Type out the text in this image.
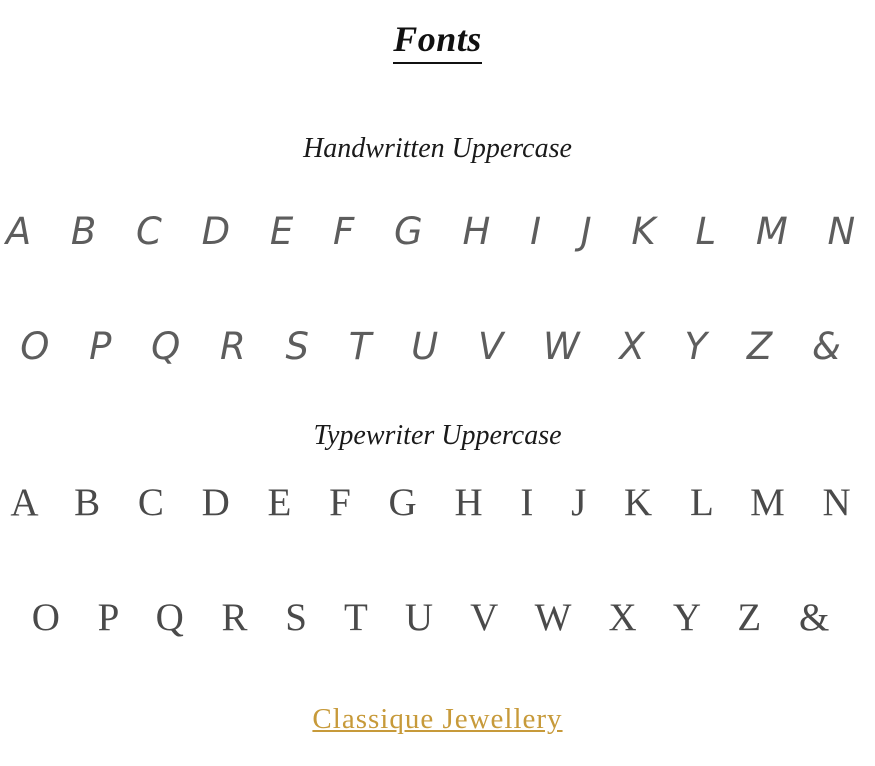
Fonts
Handwritten Uppercase
A B C D E F G H I J K L M N
O P Q R S T U V W X Y Z &
Typewriter Uppercase
A B C D E F G H I J K L M N
O P Q R S T U V W X Y Z &
Classique Jewellery
